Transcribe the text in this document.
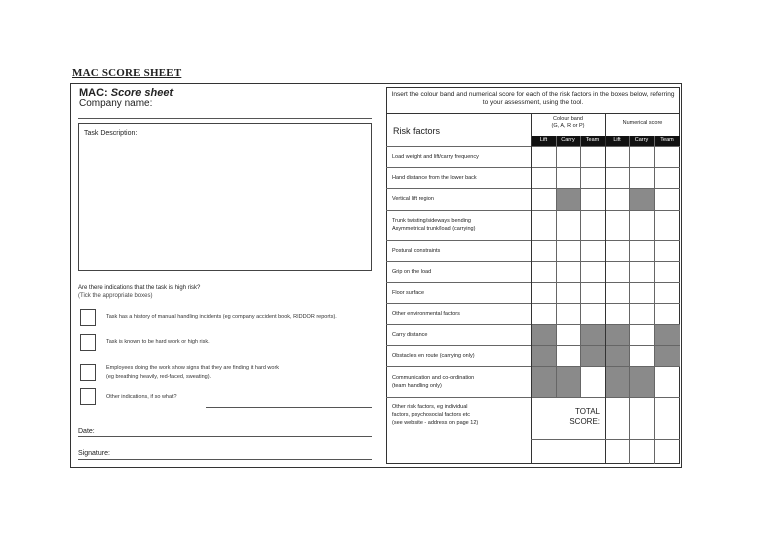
MAC SCORE SHEET
MAC: Score sheet
Company name:
Task Description:
Are there indications that the task is high risk?
(Tick the appropriate boxes)
Task has a history of manual handling incidents (eg company accident book, RIDDOR reports).
Task is known to be hard work or high risk.
Employees doing the work show signs that they are finding it hard work
(eg breathing heavily, red-faced, sweating).
Other indications, if so what?
Date:
Signature:
Insert the colour band and numerical score for each of the risk factors in the boxes below, referring to your assessment, using the tool.
Risk factors
Colour band
(G, A, R or P)	Numerical score
Lift	Carry	Team	Lift	Carry	Team
Load weight and lift/carry frequency
Hand distance from the lower back
Vertical lift region
Trunk twisting/sideways bending
Asymmetrical trunk/load (carrying)
Postural constraints
Grip on the load
Floor surface
Other environmental factors
Carry distance
Obstacles en route (carrying only)
Communication and co-ordination
(team handling only)
Other risk factors, eg individual
factors, psychosocial factors etc
(see website - address on page 12)
TOTAL
SCORE:
